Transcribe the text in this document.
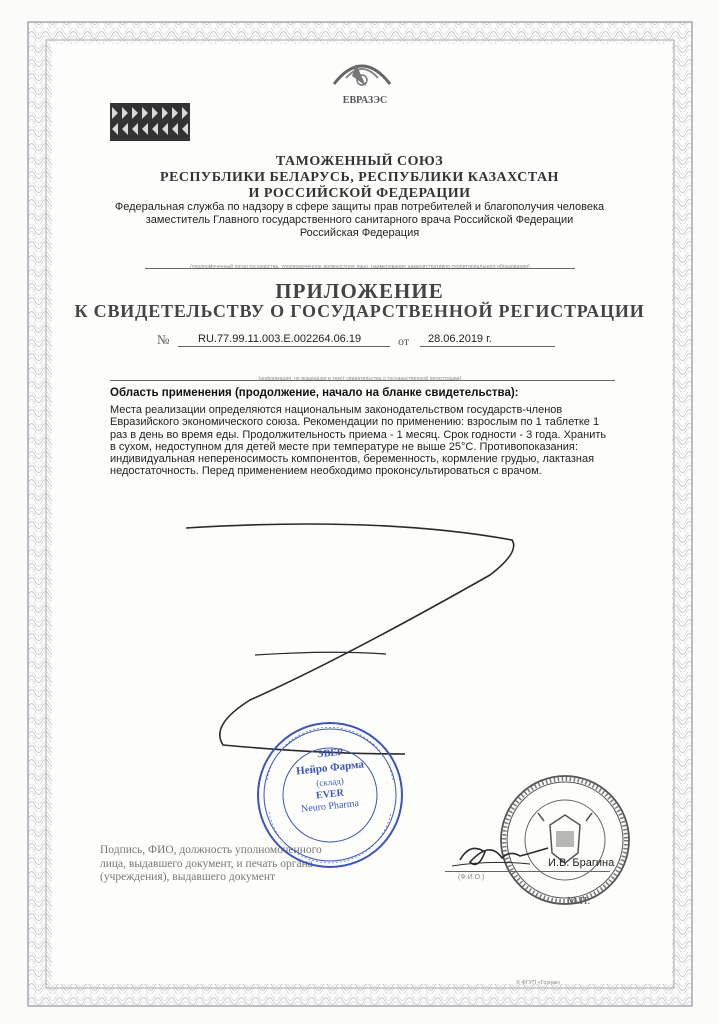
ЕВРАЗЭС
ТАМОЖЕННЫЙ СОЮЗ
РЕСПУБЛИКИ БЕЛАРУСЬ, РЕСПУБЛИКИ КАЗАХСТАН
И РОССИЙСКОЙ ФЕДЕРАЦИИ
Федеральная служба по надзору в сфере защиты прав потребителей и благополучия человека
заместитель Главного государственного санитарного врача Российской Федерации
Российская Федерация
(уполномоченный орган государства, уполномоченное должностное лицо, наименование административно-территориального образования)
ПРИЛОЖЕНИЕ
К СВИДЕТЕЛЬСТВУ О ГОСУДАРСТВЕННОЙ РЕГИСТРАЦИИ
№	RU.77.99.11.003.E.002264.06.19	от 28.06.2019 г.
(информация, не вошедшая в текст свидетельства о государственной регистрации)
Область применения (продолжение, начало на бланке свидетельства):
Места реализации определяются национальным законодательством государств-членов
Евразийского экономического союза. Рекомендации по применению: взрослым по 1 таблетке 1
раз в день во время еды. Продолжительность приема - 1 месяц. Срок годности - 3 года. Хранить
в сухом, недоступном для детей месте при температуре не выше 25°С. Противопоказания:
индивидуальная непереносимость компонентов, беременность, кормление грудью, лактазная
недостаточность. Перед применением необходимо проконсультироваться с врачом.
Подпись, ФИО, должность уполномоченного
лица, выдавшего документ, и печать органа
(учреждения), выдавшего документ
ЭВЕР
Нейро Фарма
(склад)
EVER
Neuro Pharma
И.В. Брагина
(Ф.И.О.)
М.П.
© ФГУП «Гознак»
